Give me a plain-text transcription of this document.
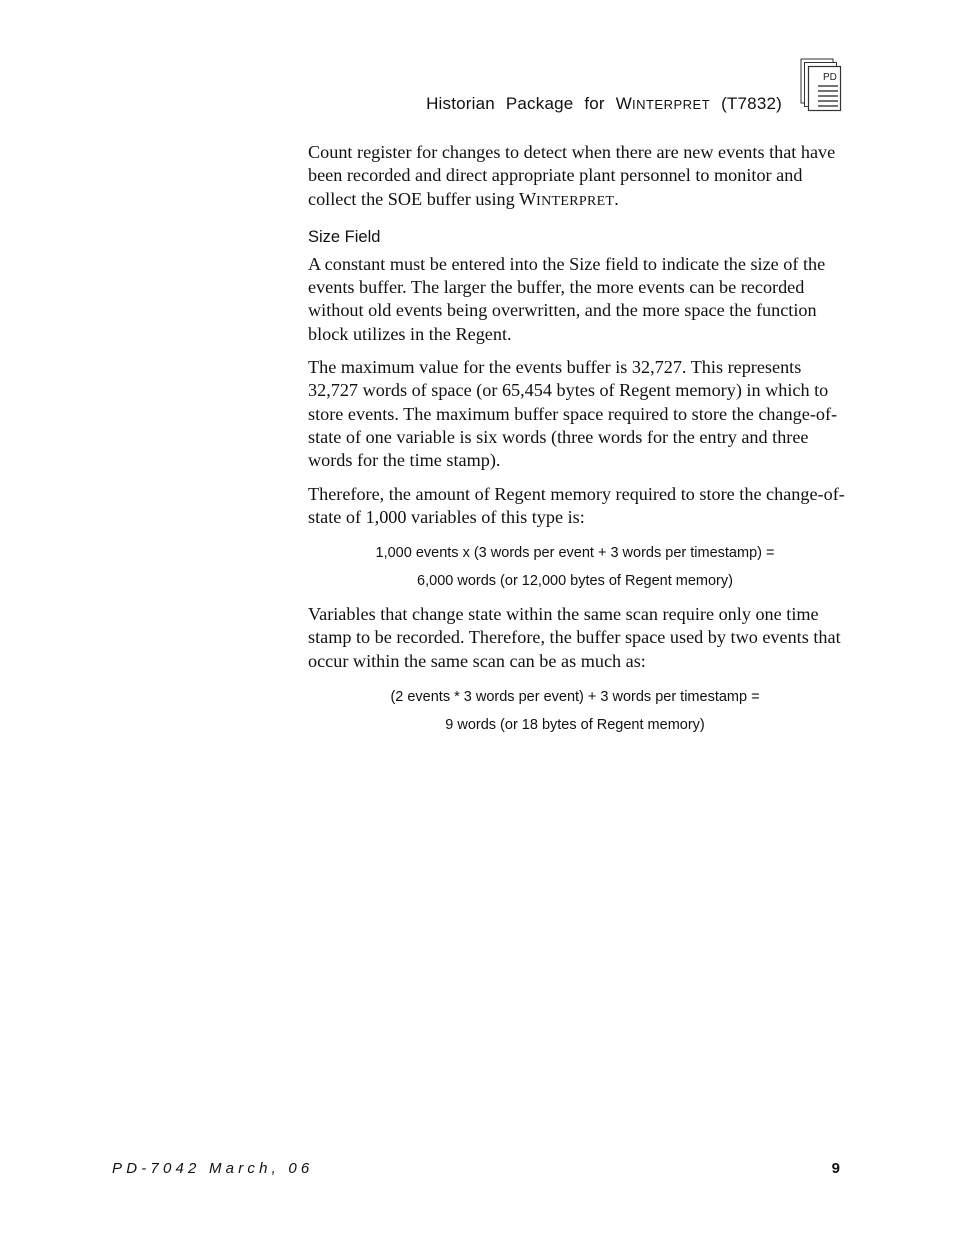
Historian Package for WINTERPRET (T7832)
PD

Count register for changes to detect when there are new events that have been recorded and direct appropriate plant personnel to monitor and collect the SOE buffer using WINTERPRET.

Size Field

A constant must be entered into the Size field to indicate the size of the events buffer. The larger the buffer, the more events can be recorded without old events being overwritten, and the more space the function block utilizes in the Regent.

The maximum value for the events buffer is 32,727. This represents 32,727 words of space (or 65,454 bytes of Regent memory) in which to store events. The maximum buffer space required to store the change-of-state of one variable is six words (three words for the entry and three words for the time stamp).

Therefore, the amount of Regent memory required to store the change-of-state of 1,000 variables of this type is:

1,000 events x (3 words per event + 3 words per timestamp) =
6,000 words (or 12,000 bytes of Regent memory)

Variables that change state within the same scan require only one time stamp to be recorded. Therefore, the buffer space used by two events that occur within the same scan can be as much as:

(2 events * 3 words per event) + 3 words per timestamp =
9 words (or 18 bytes of Regent memory)
PD-7042 March, 06	9
